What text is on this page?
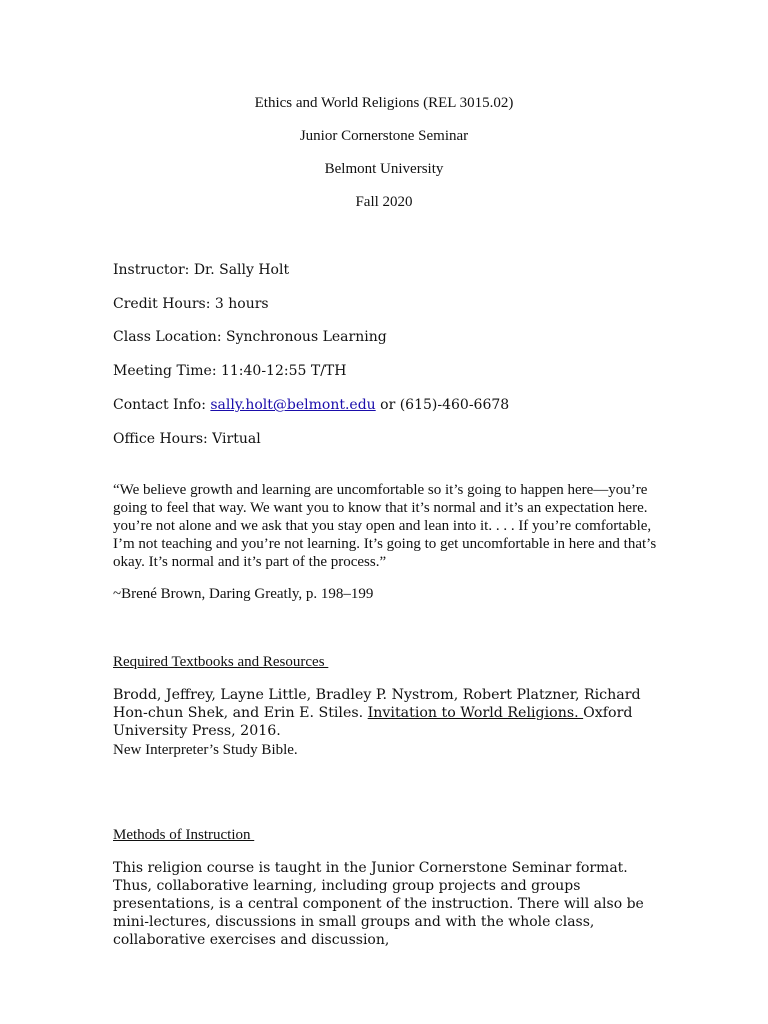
Ethics and World Religions (REL 3015.02)
Junior Cornerstone Seminar
Belmont University
Fall 2020
Instructor: Dr. Sally Holt
Credit Hours: 3 hours
Class Location: Synchronous Learning
Meeting Time: 11:40-12:55 T/TH
Contact Info: sally.holt@belmont.edu or (615)-460-6678
Office Hours: Virtual
“We believe growth and learning are uncomfortable so it’s going to happen here—you’re going to feel that way. We want you to know that it’s normal and it’s an expectation here. you’re not alone and we ask that you stay open and lean into it. . . . If you’re comfortable, I’m not teaching and you’re not learning. It’s going to get uncomfortable in here and that’s okay. It’s normal and it’s part of the process.”
~Brené Brown, Daring Greatly, p. 198–199
Required Textbooks and Resources
Brodd, Jeffrey, Layne Little, Bradley P. Nystrom, Robert Platzner, Richard Hon-chun Shek, and Erin E. Stiles. Invitation to World Religions. Oxford University Press, 2016.
New Interpreter’s Study Bible.
Methods of Instruction
This religion course is taught in the Junior Cornerstone Seminar format. Thus, collaborative learning, including group projects and groups presentations, is a central component of the instruction. There will also be mini-lectures, discussions in small groups and with the whole class, collaborative exercises and discussion,
